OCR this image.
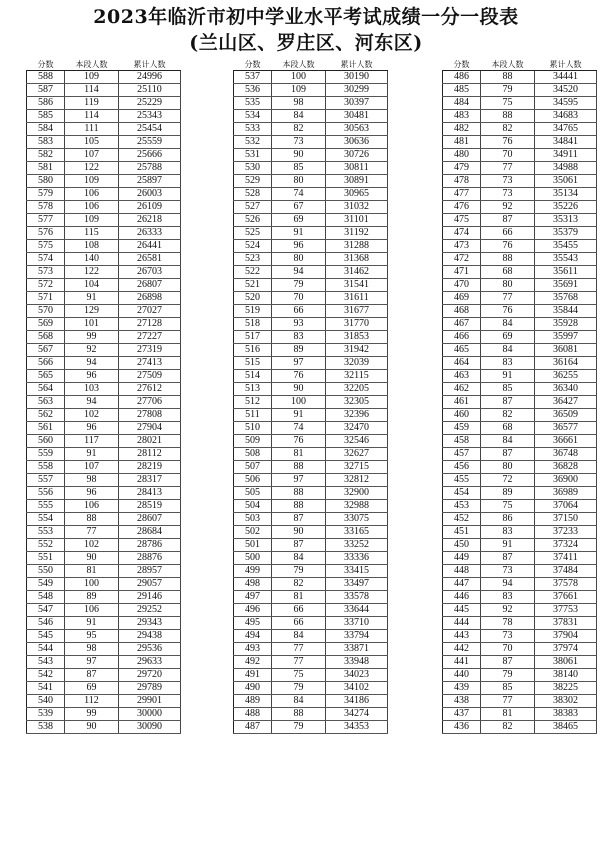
2023年临沂市初中学业水平考试成绩一分一段表
(兰山区、罗庄区、河东区)
分数	本段人数	累计人数
588	109	24996
587	114	25110
586	119	25229
585	114	25343
584	111	25454
583	105	25559
582	107	25666
581	122	25788
580	109	25897
579	106	26003
578	106	26109
577	109	26218
576	115	26333
575	108	26441
574	140	26581
573	122	26703
572	104	26807
571	91	26898
570	129	27027
569	101	27128
568	99	27227
567	92	27319
566	94	27413
565	96	27509
564	103	27612
563	94	27706
562	102	27808
561	96	27904
560	117	28021
559	91	28112
558	107	28219
557	98	28317
556	96	28413
555	106	28519
554	88	28607
553	77	28684
552	102	28786
551	90	28876
550	81	28957
549	100	29057
548	89	29146
547	106	29252
546	91	29343
545	95	29438
544	98	29536
543	97	29633
542	87	29720
541	69	29789
540	112	29901
539	99	30000
538	90	30090
分数	本段人数	累计人数
537	100	30190
536	109	30299
535	98	30397
534	84	30481
533	82	30563
532	73	30636
531	90	30726
530	85	30811
529	80	30891
528	74	30965
527	67	31032
526	69	31101
525	91	31192
524	96	31288
523	80	31368
522	94	31462
521	79	31541
520	70	31611
519	66	31677
518	93	31770
517	83	31853
516	89	31942
515	97	32039
514	76	32115
513	90	32205
512	100	32305
511	91	32396
510	74	32470
509	76	32546
508	81	32627
507	88	32715
506	97	32812
505	88	32900
504	88	32988
503	87	33075
502	90	33165
501	87	33252
500	84	33336
499	79	33415
498	82	33497
497	81	33578
496	66	33644
495	66	33710
494	84	33794
493	77	33871
492	77	33948
491	75	34023
490	79	34102
489	84	34186
488	88	34274
487	79	34353
分数	本段人数	累计人数
486	88	34441
485	79	34520
484	75	34595
483	88	34683
482	82	34765
481	76	34841
480	70	34911
479	77	34988
478	73	35061
477	73	35134
476	92	35226
475	87	35313
474	66	35379
473	76	35455
472	88	35543
471	68	35611
470	80	35691
469	77	35768
468	76	35844
467	84	35928
466	69	35997
465	84	36081
464	83	36164
463	91	36255
462	85	36340
461	87	36427
460	82	36509
459	68	36577
458	84	36661
457	87	36748
456	80	36828
455	72	36900
454	89	36989
453	75	37064
452	86	37150
451	83	37233
450	91	37324
449	87	37411
448	73	37484
447	94	37578
446	83	37661
445	92	37753
444	78	37831
443	73	37904
442	70	37974
441	87	38061
440	79	38140
439	85	38225
438	77	38302
437	81	38383
436	82	38465
